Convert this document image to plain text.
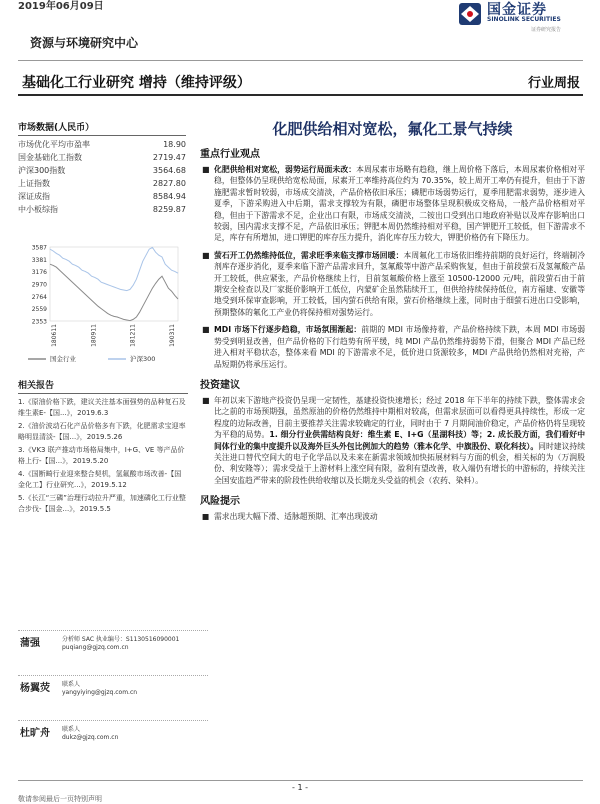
2019年06月09日	国金证券
SINOLINK SECURITIES
证券研究报告
资源与环境研究中心
基础化工行业研究 增持（维持评级）	行业周报
市场数据(人民币）
市场优化平均市盈率	18.90
国金基础化工指数	2719.47
沪深300指数	3564.68
上证指数	2827.80
深证成指	8584.94
中小板综指	8259.87
3587
3381
3176
2970
2764
2559
2353
180611	180911	181211	190311
国金行业	沪深300
相关报告
1.《原油价格下跌，建议关注基本面强势的品种复石及维生素E-【国...》，2019.6.3
2.《油价波动石化产品价格多有下跌，化肥需求宝迎率略明显清淡-【国...》，2019.5.26
3.《VK3 联产推动市场格局集中，I+G、VE 等产品价格上行-【国...》，2019.5.20
4.《国断畸行业迎来整合契机，氢氟酸市场改善-【国金化工】行业研究...》，2019.5.12
5.《长江“三磷”治理行动拉升严重，加速磷化工行业整合步伐-【国金...》，2019.5.5
蒲强	分析师 SAC 执业编号：S1130516090001
puqiang@gjzq.com.cn
杨翼荧 联系人
yangyiying@gjzq.com.cn
杜旷舟 联系人
dukz@gjzq.com.cn
化肥供给相对宽松，氟化工景气持续
重点行业观点
■ 化肥供给相对宽松，弱势运行局面未改：本周尿素市场略有趋稳，继上周价格下落后，本周尿素价格相对平稳，但整体仍呈现供给宽松局面，尿素开工率维持高位约为 70.35%，较上周开工率仍有提升，但由于下游施肥需求暂时较弱，市场成交清淡，产品价格依旧承压；磷肥市场弱势运行，夏季用肥需求弱势，逐步进入夏季，下游采购进入中后期，需求支撑较为有限，磷肥市场整体呈现积极成交格局，一般产品价格相对平稳，但由于下游需求不足，企业出口有限，市场成交清淡，二铵出口受到出口地政府补贴以及库存影响出口较弱，国内需求支撑不足，产品依旧承压；钾肥本周仍然维持相对平稳，国产钾肥开工较低，但下游需求不足，库存有所增加，进口钾肥的库存压力提升，消化库存压力较大，钾肥价格仍有下降压力。
■ 萤石开工仍然维持低位，需求旺季来临支撑市场回暖：本周氟化工市场依旧维持前期的良好运行，终端制冷剂库存逐步消化，夏季来临下游产品需求回升，氢氟酸等中游产品采购恢复，但由于前段萤石及氢氟酸产品开工较低，供应紧张，产品价格继续上行，目前氢氟酸价格上涨至 10500-12000 元/吨，前段萤石由于前期安全检查以及厂家挺价影响开工低位，内蒙矿企虽然陆续开工，但供给持续保持低位，南方福建、安徽等地受到环保审查影响，开工较低，国内萤石供给有限，萤石价格继续上涨，同时由于细萤石进出口受影响，预期整体的氟化工产业仍将保持相对强势运行。
■ MDI 市场下行逐步趋稳，市场氛围渐起：前期的 MDI 市场像持着，产品价格持续下跌，本周 MDI 市场弱势受到明显改善，但产品价格的下行趋势有所平缓，纯 MDI 产品仍然维持弱势下滑，但聚合 MDI 产品已经进入相对平稳状态，整体来看 MDI 的下游需求不足，低价进口货源较多，MDI 产品供给仍然相对充裕，产品短期仍将承压运行。
投资建议
■ 年初以来下游地产投资仍呈现一定韧性，基建投资快速增长；经过 2018 年下半年的持续下跌，整体需求会比之前的市场预期强，虽然原油的价格仍然维持中期相对较高，但需求层面可以看得更具持续性，形成一定程度的边际改善，目前主要推荐关注需求较确定的行业，同时由于 7 月期间油价稳定，产品价格仍将呈现较为平稳的局势。1. 细分行业供需结构良好：维生素 E、I+G（星湖科技）等；2. 成长股方面，我们看好中间体行业的集中度提升以及海外巨头外包比例加大的趋势（雅本化学、中旗股份、联化科技）。同时建议持续关注进口替代空间大的电子化学品以及未来在新需求领域加快拓展材料与方面的机会，相关标的为（万润股份、利安隆等）；需求受益于上游材料上涨空间有限，盈利有望改善，收入端仍有增长的中游标的，持续关注全国安监趋严带来的阶段性供给收缩以及长期龙头受益的机会（农药、染料）。
风险提示
■ 需求出现大幅下滑、适脉超预期、汇率出现波动
- 1 -
敬请参阅最后一页特别声明
